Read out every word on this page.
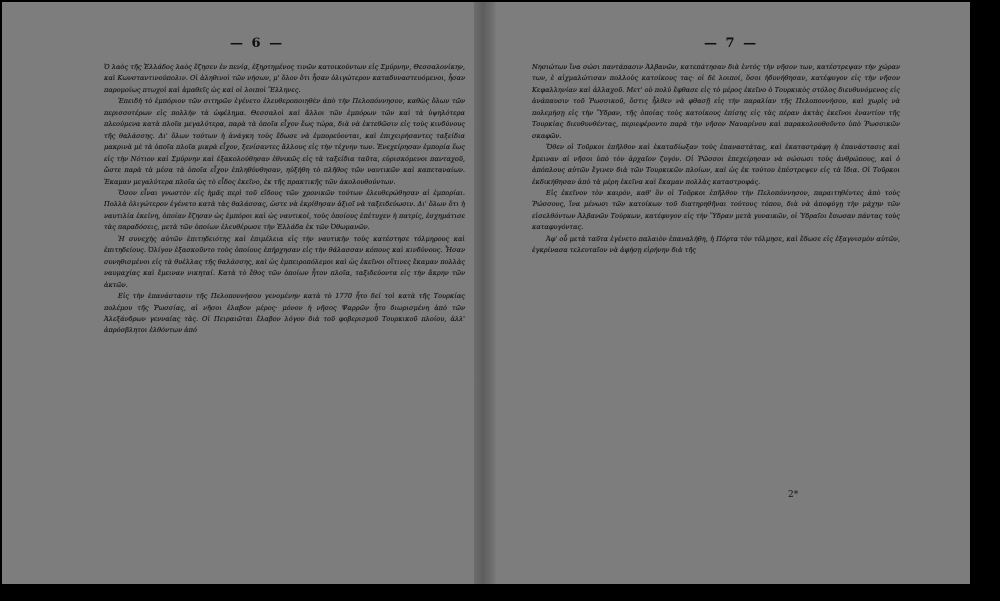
— 6 —

Ὁ λαὸς τῆς Ἑλλάδος λαὸς ἔζησεν ἐν πενίᾳ, ἐξηρτημένος τινῶν κατοικούντων εἰς Σμύρνην, Θεσσαλονίκην, καὶ Κωνσταντινούπολιν. Οἱ ἀληθινοὶ τῶν νήσων, μ' ὅλον ὅτι ἦσαν ὀλιγώτερον καταδυναστευόμενοι, ἦσαν παρομοίως πτωχοὶ καὶ ἀμαθεῖς ὡς καὶ οἱ λοιποὶ Ἕλληνες.

Ἐπειδὴ τὸ ἐμπόριον τῶν σιτηρῶν ἐγένετο ἐλευθεροποιηθὲν ἀπὸ τὴν Πελοπόννησον, καθὼς ὅλων τῶν περισσοτέρων εἰς πολλὴν τὰ ὠφέλημα. Θεσσαλοὶ καὶ ἄλλοι τῶν ἐμπόρων τῶν καὶ τὰ ὑψηλότερα πλεούμενα κατὰ πλοῖα μεγαλύτερα, παρὰ τὰ ὁποῖα εἶχον ἕως τώρα, διὰ νὰ ἐκτεθῶσιν εἰς τοὺς κινδύνους τῆς θαλάσσης. Δι' ὅλων τούτων ἡ ἀνάγκη τοὺς ἔδωσε νὰ ἐμπορεύονται, καὶ ἐπιχειρήσαντες ταξείδια μακρινὰ μὲ τὰ ὁποῖα πλοῖα μικρὰ εἶχον, ξενίσαντες ἄλλους εἰς τὴν τέχνην των. Ἐνεχείρησαν ἐμπορία ἕως εἰς τὴν Νότιον καὶ Σμύρνην καὶ ἐξακολούθησαν ἐθνικῶς εἰς τὰ ταξείδια ταῦτα, εὐρισκόμενοι πανταχοῦ, ὥστε παρὰ τὰ μέσα τὰ ὁποῖα εἶχον ἐπληθύνθησαν, ηὐξήθη τὸ πλῆθος τῶν ναυτικῶν καὶ καπεταναίων. Ἐκαμαν μεγαλύτερα πλοῖα ὡς τὸ εἶδος ἐκεῖνο, ἐκ τῆς πρακτικῆς τῶν ἀκολουθούντων.

Ὅσον εἶναι γνωστὸν εἰς ἡμᾶς περὶ τοῦ εἴδους τῶν χρονικῶν τούτων ἐλευθερώθησαν αἱ ἐμπορίαι. Πολλὰ ὀλιγώτερον ἐγένετο κατὰ τὰς θαλάσσας, ὡστε νὰ ἐκρίθησαν ἀξιοῖ νὰ ταξειδεύωσιν. Δι' ὅλων ὅτι ἡ ναυτιλία ἐκείνη, ὁποίαν ἔζησαν ὡς ἐμπόροι καὶ ὡς ναυτικοί, τοὺς ὁποίους ἐπέτυχεν ἡ πατρίς, ἐσχημάτισε τὰς παραδόσεις, μετὰ τῶν ὁποίων ἐλευθέρωσε τὴν Ἑλλάδα ἐκ τῶν Ὀθωμανῶν.

Ἡ συνεχὴς αὐτῶν ἐπιτηδειότης καὶ ἐπιμέλεια εἰς τὴν ναυτικὴν τοὺς κατέστησε τόλμηρους καὶ ἐπιτηδείους. Ὀλίγον ἐξασκοῦντο τοὺς ὁποίους ἐπήρχησαν εἰς τὴν θάλασσαν κόπους καὶ κινδύνους. Ἦσαν συνηθισμένοι εἰς τὰ θυέλλας τῆς θαλάσσης, καὶ ὡς ἐμπειροπόλεμοι καὶ ὡς ἐκεῖνοι οἵτινες ἔκαμαν πολλὰς ναυμαχίας καὶ ἔμειναν νικηταί. Κατὰ τὸ ἔθος τῶν ὁποίων ἦτον πλοῖα, ταξιδεύοντα εἰς τὴν ἄκρην τῶν ἀκτῶν.

Εἰς τὴν ἐπανάστασιν τῆς Πελοποννήσου γενομένην κατὰ τὸ 1770 ἦτο δεί τοὶ κατὰ τῆς Τουρκίας πολέμου τῆς Ῥωσσίας, αἱ νῆσοι ἐλαβον μέρος· μόνον ἡ νῆσος Ψαρρῶν ἦτο διωρισμένη ἀπὸ τῶν Ἀλεξάνδρων γενναίας τὰς. Οἱ Πειραιῶται ἔλαβον λόγον διὰ τοῦ φοβερισμοῦ Τουρκικοῦ πλοίου, ἀλλ' ἀπρόσβλητοι ἐλθόντων ἀπό

— 7 —

Νησιώτων ἵνα σώσι παντάπασιν Ἀλβανῶν, κατεπάτησαν διὰ ἐντός τὴν νῆσον των, κατέστρεψαν τὴν χώραν των, ἐ αἰχμαλώτισαν πολλοὺς κατοίκους τας· οἱ δὲ λοιποί, ὅσοι ἠδυνήθησαν, κατέφυγον εἰς τὴν νῆσον Κεφαλληνίαν καὶ ἀλλαχοῦ. Μετ' οὐ πολὺ ἔφθασε εἰς τὸ μέρος ἐκεῖνο ὁ Τουρκικὸς στόλος διευθυνόμενος εἰς ἀνάπαυσιν τοῦ Ῥωσσικοῦ, ὅστις ἦλθεν νὰ φθασῇ εἰς τὴν παραλίαν τῆς Πελοποννήσου, καὶ χωρὶς νὰ πολεμήσῃ εἰς τὴν Ὕδραν, τῆς ὁποίας τοὺς κατοίκους ἐπίσης εἰς τὰς πέραν ἀκτὰς ἐκεῖνοι ἐναντίον τῆς Τουρκίας διευθυνθέντας, περιεφέροντο παρὰ τὴν νῆσον Ναυαρίνου καὶ παρακολουθοῦντο ὑπὸ Ῥωσσικῶν σκαφῶν.

Ὅθεν οἱ Τοῦρκοι ἐπῆλθον καὶ ἐκαταδίωξαν τοὺς ἐπαναστάτας, καὶ ἐκαταστράφη ἡ ἐπανάστασις καὶ ἔμειναν αἱ νῆσοι ὑπὸ τὸν ἀρχαῖον ζυγόν. Οἱ Ῥῶσσοι ἐπεχείρησαν νὰ σώσωσι τοὺς ἀνθρώπους, καὶ ὁ ἀπόπλους αὐτῶν ἔγινεν διὰ τῶν Τουρκικῶν πλοίων, καὶ ὡς ἐκ τούτου ἐπέστρεψεν εἰς τὰ ἴδια. Οἱ Τοῦρκοι ἐκδικήθησαν ἀπὸ τὰ μέρη ἐκεῖνα καὶ ἔκαμαν πολλὰς καταστροφάς.

Εἰς ἐκεῖνον τὸν καιρόν, καθ' ὃν οἱ Τοῦρκοι ἐπῆλθον τὴν Πελοπόννησον, παραιτηθέντες ἀπὸ τοὺς Ῥώσσους, ἵνα μένωσι τῶν κατοίκων τοῦ διατηρηθῆναι τούτους τόπου, διὰ νὰ ἀποφύγῃ τὴν μάχην τῶν εἰσελθόντων Ἀλβανῶν Τούρκων, κατέφυγον εἰς τὴν Ὕδραν μετὰ γυναικῶν, οἱ Ὑδραῖοι ἔσωσαν πάντας τοὺς καταφυγόντας.

Ἀφ' οὗ μετὰ ταῦτα ἐγένετο παλαιὸν ἐπαναλήθη, ἡ Πόρτα τὸν τόλμησε, καὶ ἔδωσε εἰς ἐξαγνισμὸν αὐτῶν, ἐγκρίνασα τελευταῖον νὰ ἀφήσῃ εἰρήνην διὰ τῆς

2*
